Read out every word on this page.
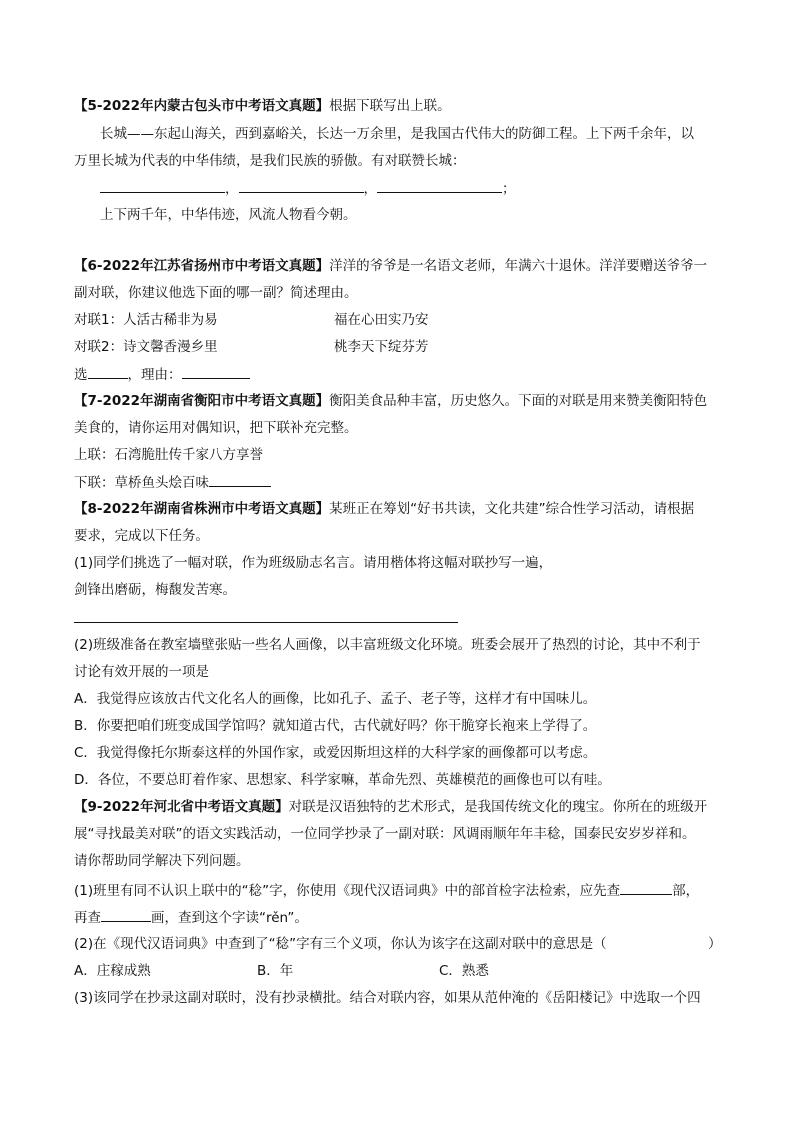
【5-2022年内蒙古包头市中考语文真题】根据下联写出上联。
长城——东起山海关，西到嘉峪关，长达一万余里，是我国古代伟大的防御工程。上下两千余年，以
万里长城为代表的中华伟绩，是我们民族的骄傲。有对联赞长城：
，	，	；
上下两千年，中华伟迹，风流人物看今朝。
【6-2022年江苏省扬州市中考语文真题】洋洋的爷爷是一名语文老师，年满六十退休。洋洋要赠送爷爷一
副对联，你建议他选下面的哪一副？简述理由。
对联1：人活古稀非为易	福在心田实乃安
对联2：诗文馨香漫乡里	桃李天下绽芬芳
选	，理由：
【7-2022年湖南省衡阳市中考语文真题】衡阳美食品种丰富，历史悠久。下面的对联是用来赞美衡阳特色
美食的，请你运用对偶知识，把下联补充完整。
上联：石湾脆肚传千家八方享誉
下联：草桥鱼头烩百味
【8-2022年湖南省株洲市中考语文真题】某班正在筹划“好书共读，文化共建”综合性学习活动，请根据
要求，完成以下任务。
(1)同学们挑选了一幅对联，作为班级励志名言。请用楷体将这幅对联抄写一遍，
剑锋出磨砺，梅馥发苦寒。
(2)班级准备在教室墙壁张贴一些名人画像，以丰富班级文化环境。班委会展开了热烈的讨论，其中不利于
讨论有效开展的一项是
A．我觉得应该放古代文化名人的画像，比如孔子、孟子、老子等，这样才有中国味儿。
B．你要把咱们班变成国学馆吗？就知道古代，古代就好吗？你干脆穿长袍来上学得了。
C．我觉得像托尔斯泰这样的外国作家，或爱因斯坦这样的大科学家的画像都可以考虑。
D．各位，不要总盯着作家、思想家、科学家嘛，革命先烈、英雄模范的画像也可以有哇。
【9-2022年河北省中考语文真题】对联是汉语独特的艺术形式，是我国传统文化的瑰宝。你所在的班级开
展“寻找最美对联”的语文实践活动，一位同学抄录了一副对联：风调雨顺年年丰稔，国泰民安岁岁祥和。
请你帮助同学解决下列问题。
(1)班里有同不认识上联中的“稔”字，你使用《现代汉语词典》中的部首检字法检索，应先查	部，
再查	画，查到这个字读“rěn”。
(2)在《现代汉语词典》中查到了“稔”字有三个义项，你认为该字在这副对联中的意思是（	）
A．庄稼成熟	B．年	C．熟悉
(3)该同学在抄录这副对联时，没有抄录横批。结合对联内容，如果从范仲淹的《岳阳楼记》中选取一个四
